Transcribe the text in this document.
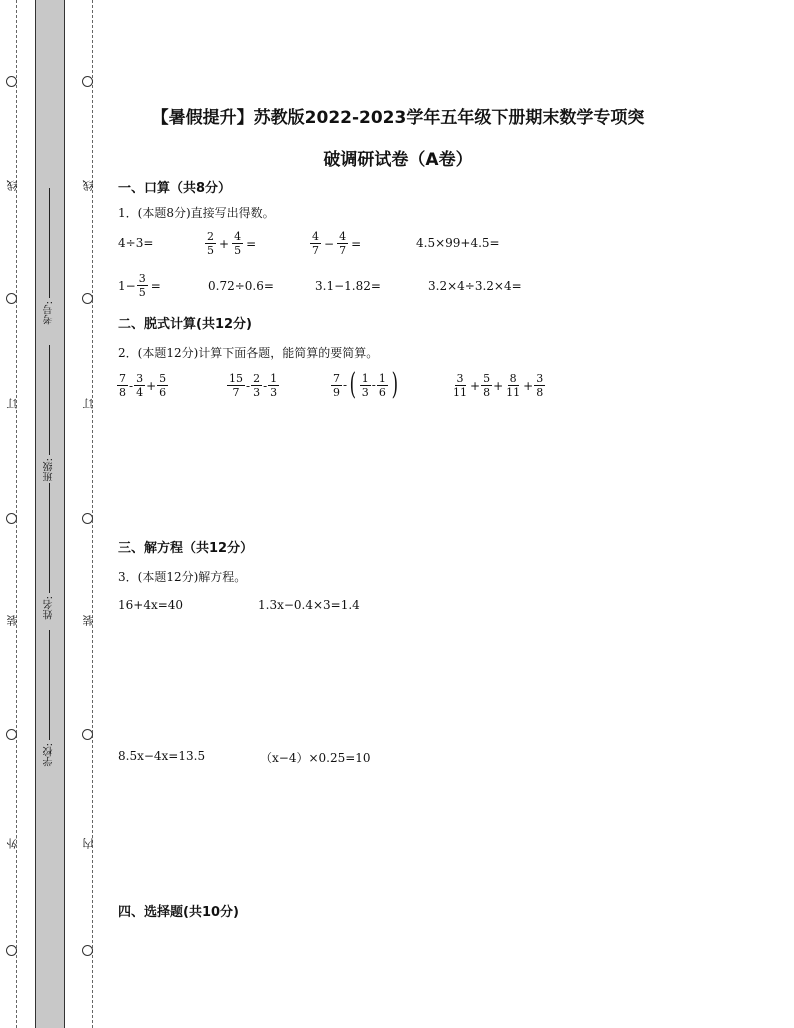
线
订
装
外
线
订
装
内
考号:
班级:
姓名:
学校:
【暑假提升】苏教版2022-2023学年五年级下册期末数学专项突
破调研试卷（A卷）
一、口算（共8分）
1．(本题8分)直接写出得数。
4÷3=	$\frac{2}{5} + \frac{4}{5}$ =	$\frac{4}{7} - \frac{4}{7}$ =	4.5×99+4.5=
$1- \frac{3}{5}$ =	0.72÷0.6=	3.1−1.82=	3.2×4÷3.2×4=
二、脱式计算(共12分)
2．(本题12分)计算下面各题，能简算的要简算。
$\frac{7}{8} - \frac{3}{4} + \frac{5}{6}$	$\frac{15}{7} - \frac{2}{3} - \frac{1}{3}$	$\frac{7}{9}$ - ( $\frac{1}{3} - \frac{1}{6}$ )	$\frac{3}{11} + \frac{5}{8} + \frac{8}{11} + \frac{3}{8}$
三、解方程（共12分）
3．(本题12分)解方程。
16+4x=40	1.3x−0.4×3=1.4
8.5x−4x=13.5	（x−4）×0.25=10
四、选择题(共10分)
